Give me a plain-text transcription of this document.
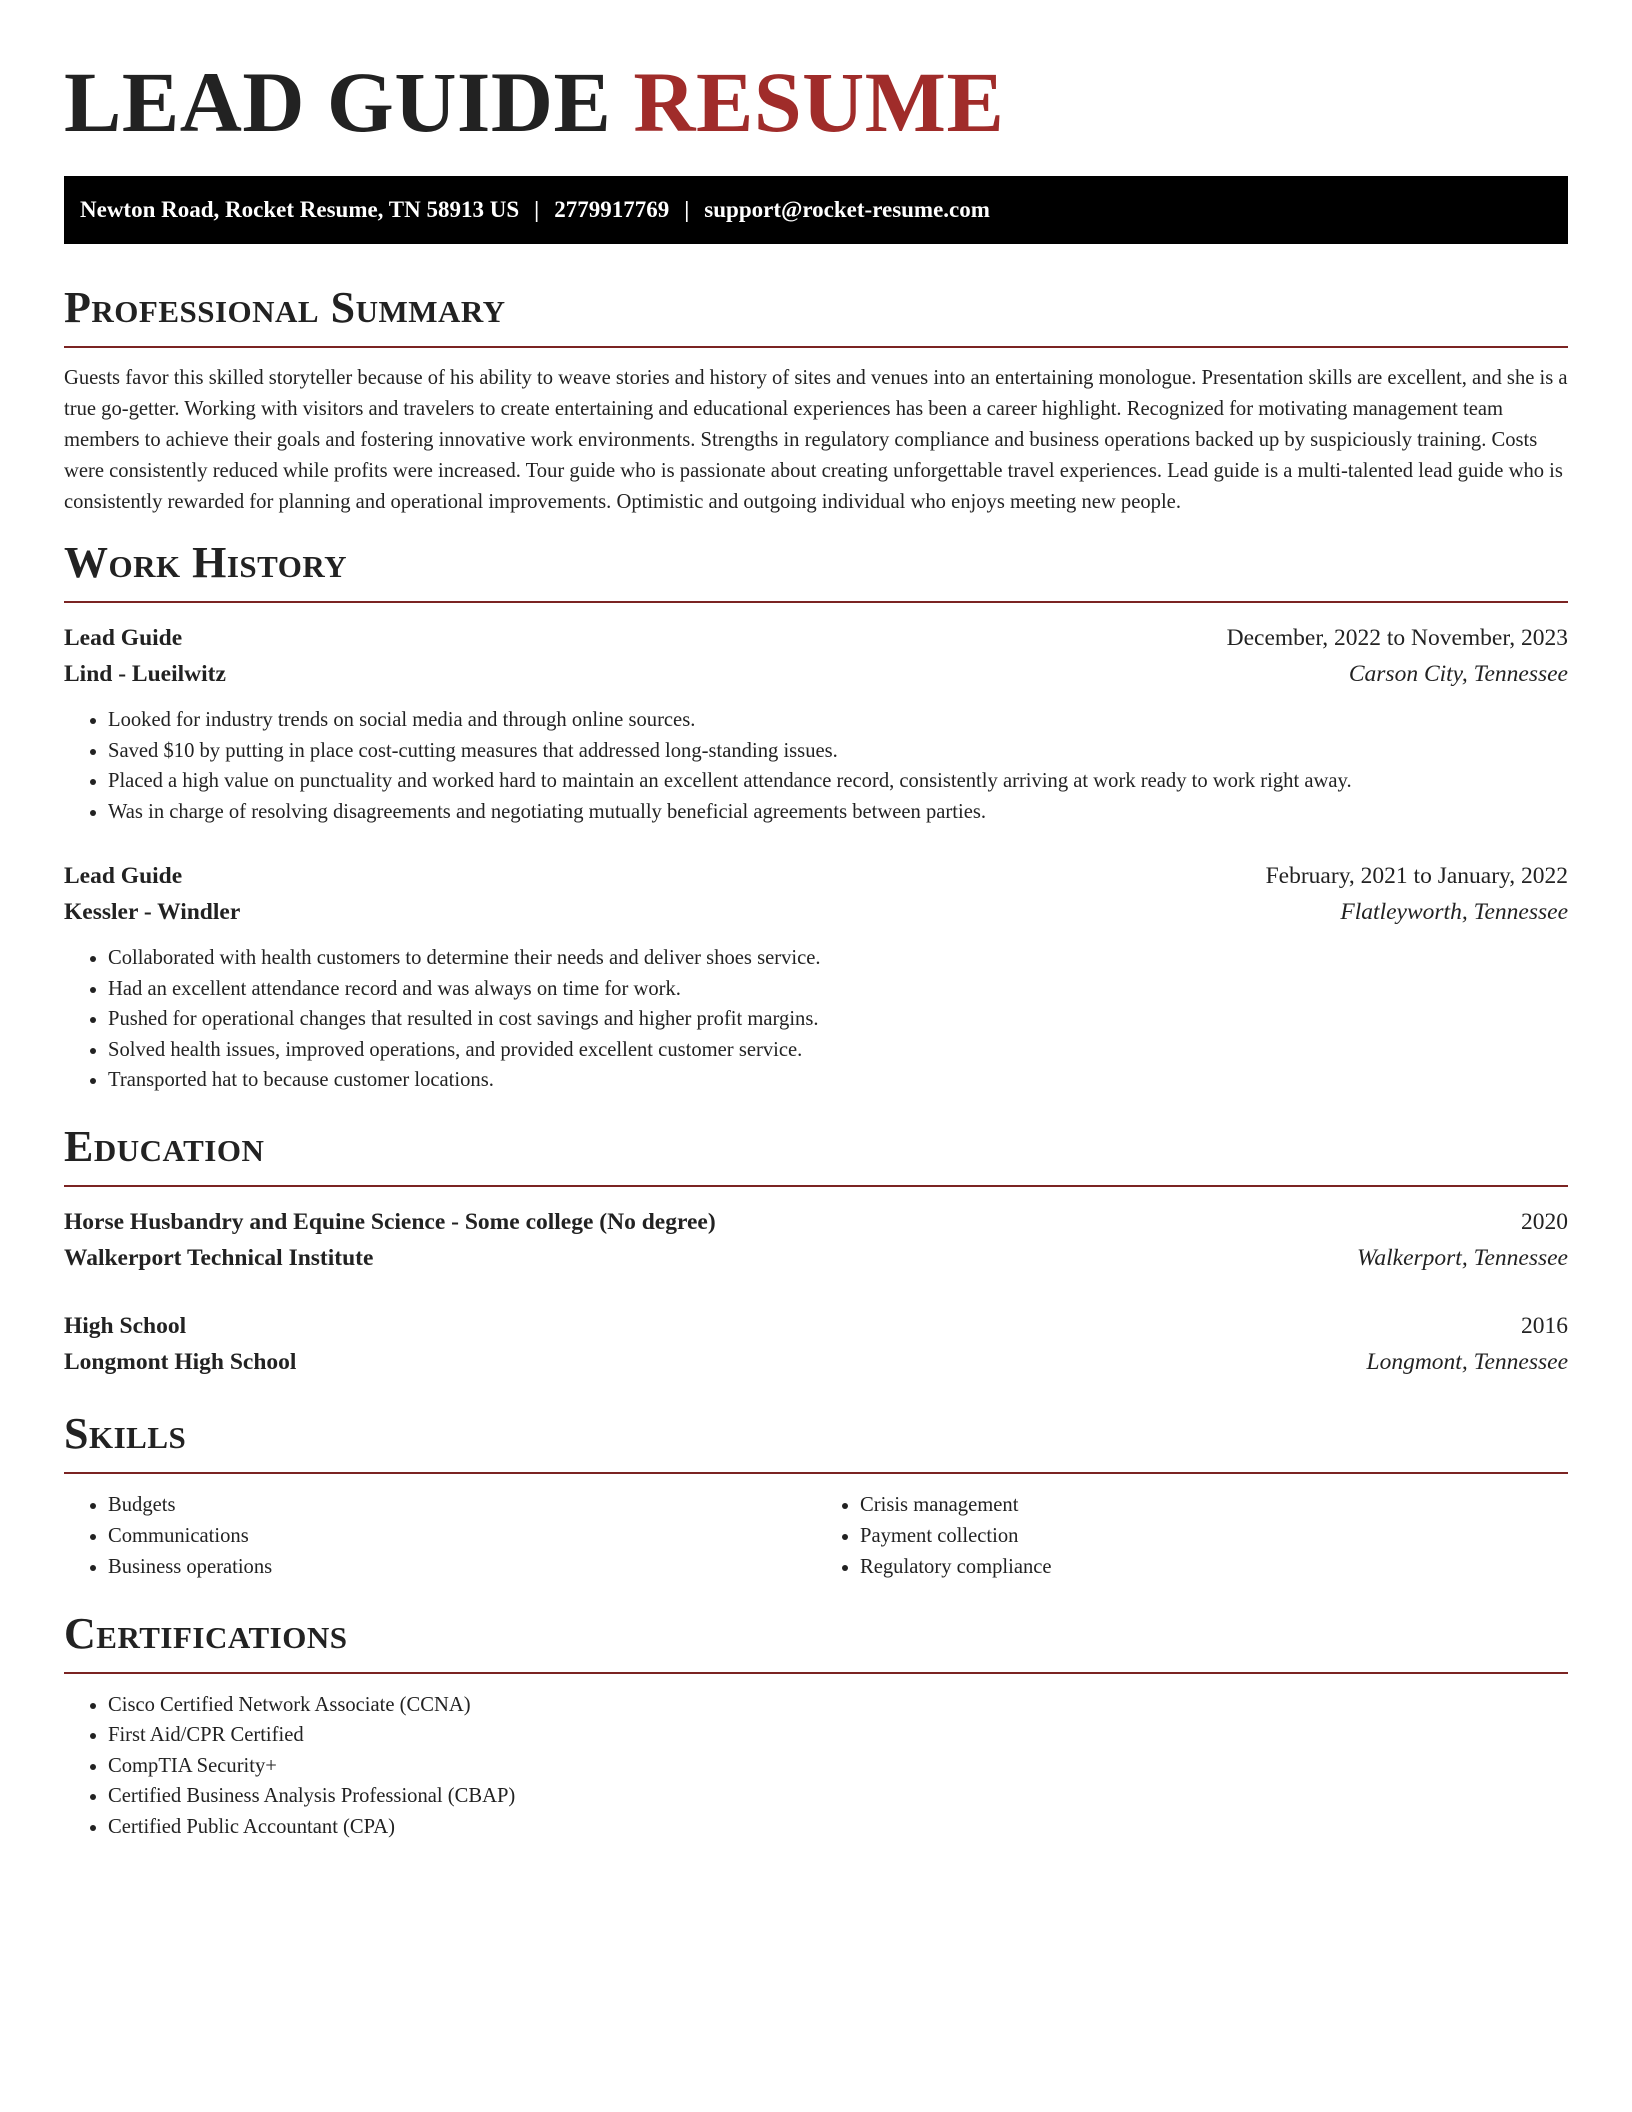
LEAD GUIDE RESUME
Newton Road, Rocket Resume, TN 58913 US | 2779917769 | support@rocket-resume.com
Professional Summary

Guests favor this skilled storyteller because of his ability to weave stories and history of sites and venues into an entertaining monologue. Presentation skills are excellent, and she is a true go-getter. Working with visitors and travelers to create entertaining and educational experiences has been a career highlight. Recognized for motivating management team members to achieve their goals and fostering innovative work environments. Strengths in regulatory compliance and business operations backed up by suspiciously training. Costs were consistently reduced while profits were increased. Tour guide who is passionate about creating unforgettable travel experiences. Lead guide is a multi-talented lead guide who is consistently rewarded for planning and operational improvements. Optimistic and outgoing individual who enjoys meeting new people.

Work History
Lead Guide	December, 2022 to November, 2023
Lind - Lueilwitz	Carson City, Tennessee
• Looked for industry trends on social media and through online sources.
• Saved $10 by putting in place cost-cutting measures that addressed long-standing issues.
• Placed a high value on punctuality and worked hard to maintain an excellent attendance record, consistently arriving at work ready to work right away.
• Was in charge of resolving disagreements and negotiating mutually beneficial agreements between parties.
Lead Guide	February, 2021 to January, 2022
Kessler - Windler	Flatleyworth, Tennessee
• Collaborated with health customers to determine their needs and deliver shoes service.
• Had an excellent attendance record and was always on time for work.
• Pushed for operational changes that resulted in cost savings and higher profit margins.
• Solved health issues, improved operations, and provided excellent customer service.
• Transported hat to because customer locations.
Education
Horse Husbandry and Equine Science - Some college (No degree)	2020
Walkerport Technical Institute	Walkerport, Tennessee
High School	2016
Longmont High School	Longmont, Tennessee
Skills
• Budgets
• Communications
• Business operations
• Crisis management
• Payment collection
• Regulatory compliance
Certifications
• Cisco Certified Network Associate (CCNA)
• First Aid/CPR Certified
• CompTIA Security+
• Certified Business Analysis Professional (CBAP)
• Certified Public Accountant (CPA)
